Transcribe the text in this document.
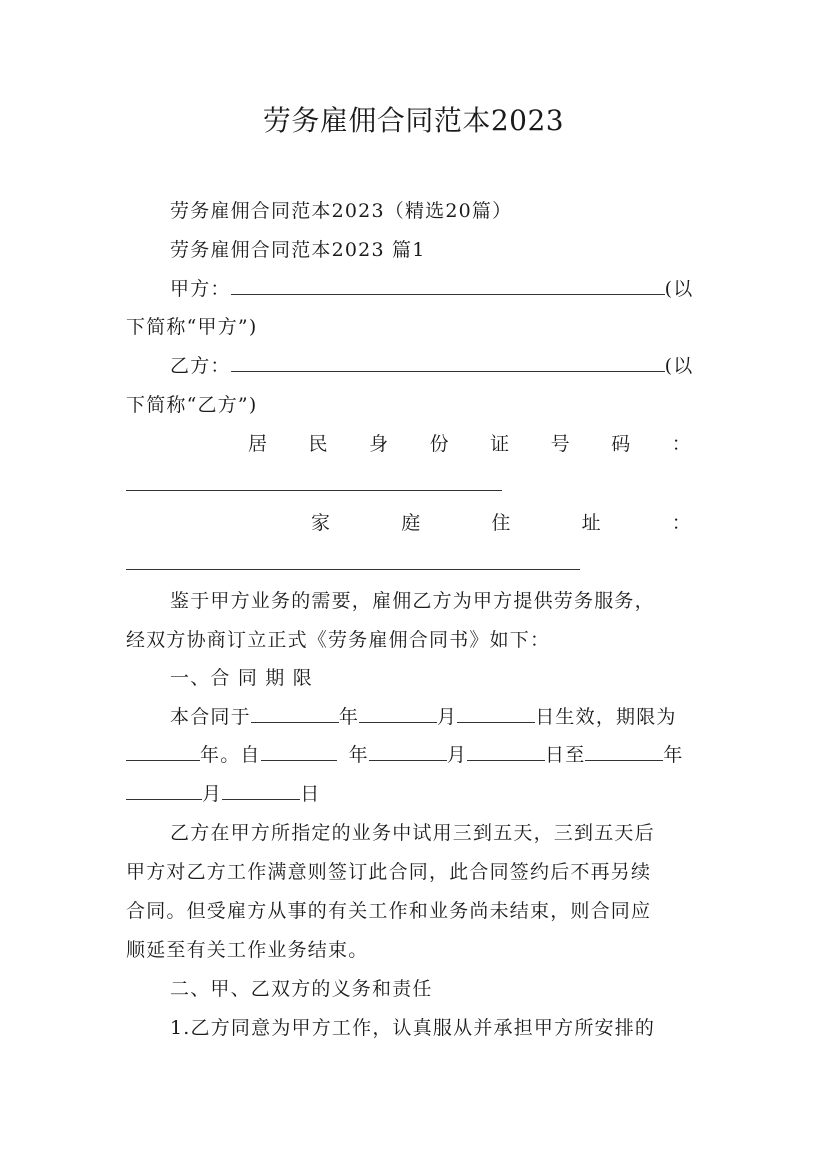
劳务雇佣合同范本2023
劳务雇佣合同范本2023（精选20篇）
劳务雇佣合同范本2023 篇1
甲方：	(以
下简称“甲方”)
乙方：	(以
下简称“乙方”)
居 民 身 份 证 号 码 ：
家	庭	住	址	：
鉴于甲方业务的需要，雇佣乙方为甲方提供劳务服务，
经双方协商订立正式《劳务雇佣合同书》如下：
一、合 同 期 限
本合同于	年	月	日生效，期限为
年。自	年	月	日至	年
月	日
乙方在甲方所指定的业务中试用三到五天，三到五天后
甲方对乙方工作满意则签订此合同，此合同签约后不再另续
合同。但受雇方从事的有关工作和业务尚未结束，则合同应
顺延至有关工作业务结束。
二、甲、乙双方的义务和责任
1.乙方同意为甲方工作，认真服从并承担甲方所安排的
